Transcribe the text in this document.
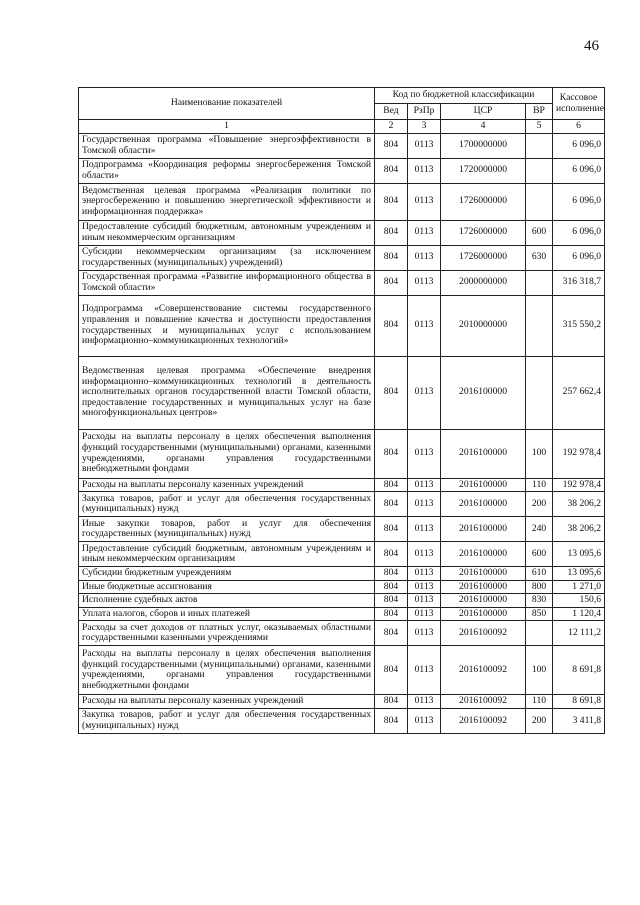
46
Наименование показателей	Код по бюджетной классификации				Кассовое исполнение
	Вед	РзПр	ЦСР	ВР	
1	2	3	4	5	6
Государственная программа «Повышение энергоэффективности в Томской области»	804	0113	1700000000		6 096,0
Подпрограмма «Координация реформы энергосбережения Томской области»	804	0113	1720000000		6 096,0
Ведомственная целевая программа «Реализация политики по энергосбережению и повышению энергетической эффективности и информационная поддержка»	804	0113	1726000000		6 096,0
Предоставление субсидий бюджетным, автономным учреждениям и иным некоммерческим организациям	804	0113	1726000000	600	6 096,0
Субсидии некоммерческим организациям (за исключением государственных (муниципальных) учреждений)	804	0113	1726000000	630	6 096,0
Государственная программа «Развитие информационного общества в Томской области»	804	0113	2000000000		316 318,7
Подпрограмма «Совершенствование системы государственного управления и повышение качества и доступности предоставления государственных и муниципальных услуг с использованием информационно–коммуникационных технологий»	804	0113	2010000000		315 550,2
Ведомственная целевая программа «Обеспечение внедрения информационно–коммуникационных технологий в деятельность исполнительных органов государственной власти Томской области, предоставление государственных и муниципальных услуг на базе многофункциональных центров»	804	0113	2016100000		257 662,4
Расходы на выплаты персоналу в целях обеспечения выполнения функций государственными (муниципальными) органами, казенными учреждениями, органами управления государственными внебюджетными фондами	804	0113	2016100000	100	192 978,4
Расходы на выплаты персоналу казенных учреждений	804	0113	2016100000	110	192 978,4
Закупка товаров, работ и услуг для обеспечения государственных (муниципальных) нужд	804	0113	2016100000	200	38 206,2
Иные закупки товаров, работ и услуг для обеспечения государственных (муниципальных) нужд	804	0113	2016100000	240	38 206,2
Предоставление субсидий бюджетным, автономным учреждениям и иным некоммерческим организациям	804	0113	2016100000	600	13 095,6
Субсидии бюджетным учреждениям	804	0113	2016100000	610	13 095,6
Иные бюджетные ассигнования	804	0113	2016100000	800	1 271,0
Исполнение судебных актов	804	0113	2016100000	830	150,6
Уплата налогов, сборов и иных платежей	804	0113	2016100000	850	1 120,4
Расходы за счет доходов от платных услуг, оказываемых областными государственными казенными учреждениями	804	0113	2016100092		12 111,2
Расходы на выплаты персоналу в целях обеспечения выполнения функций государственными (муниципальными) органами, казенными учреждениями, органами управления государственными внебюджетными фондами	804	0113	2016100092	100	8 691,8
Расходы на выплаты персоналу казенных учреждений	804	0113	2016100092	110	8 691,8
Закупка товаров, работ и услуг для обеспечения государственных (муниципальных) нужд	804	0113	2016100092	200	3 411,8
